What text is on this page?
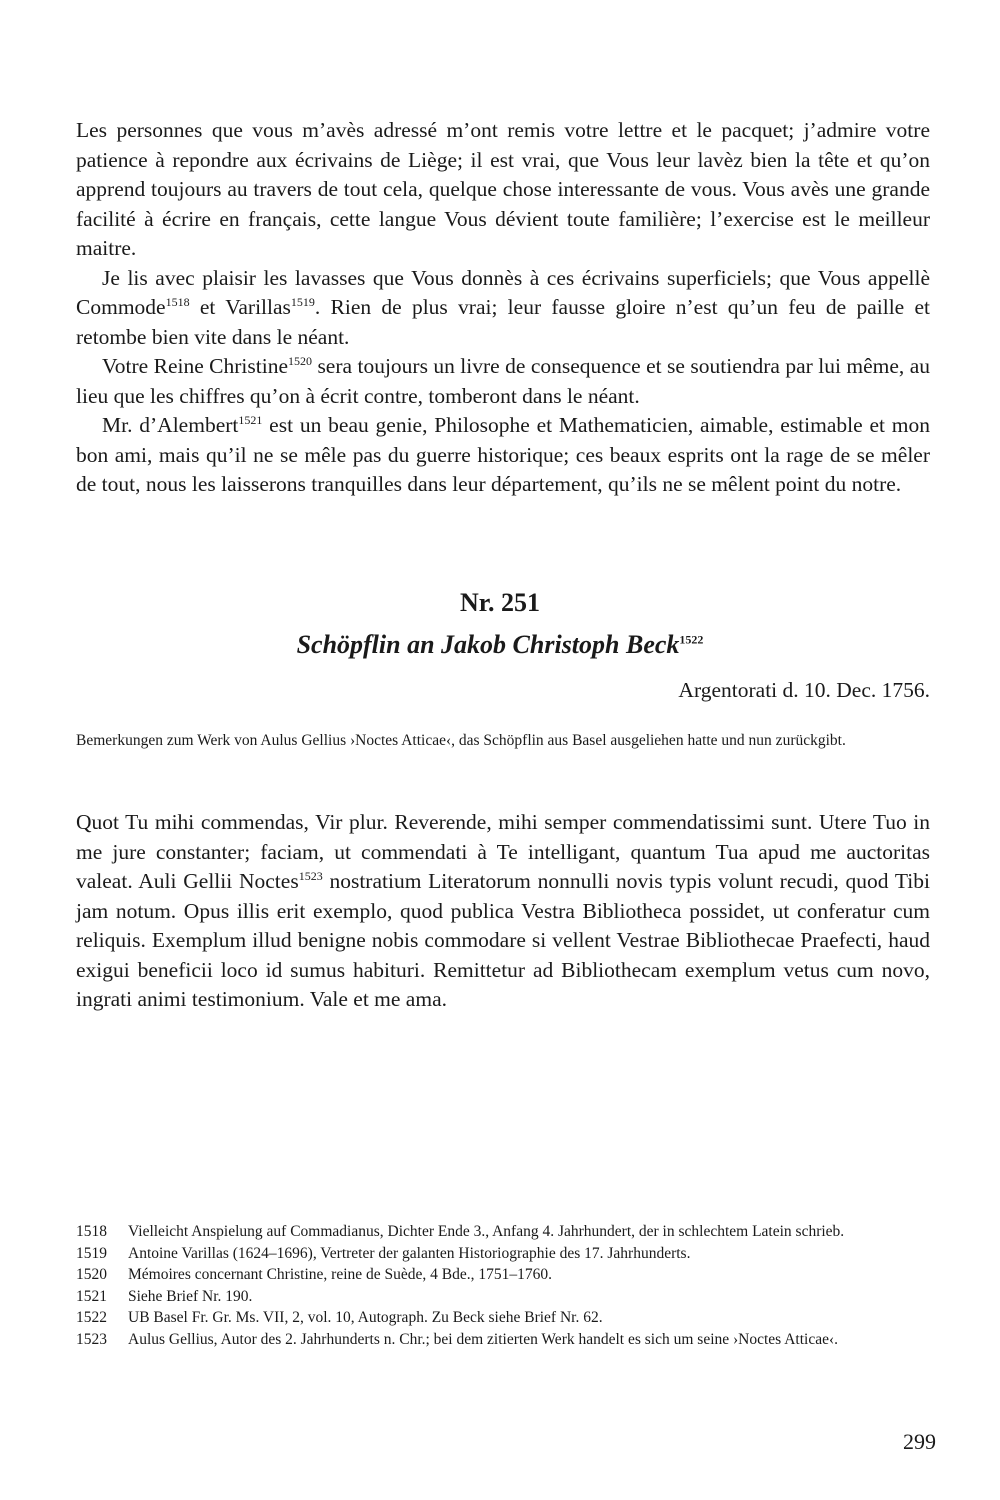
Les personnes que vous m’avès adressé m’ont remis votre lettre et le pacquet; j’admire votre patience à repondre aux écrivains de Liège; il est vrai, que Vous leur lavèz bien la tête et qu’on apprend toujours au travers de tout cela, quelque chose interessante de vous. Vous avès une grande facilité à écrire en français, cette langue Vous dévient toute familière; l’exercise est le meilleur maitre.

Je lis avec plaisir les lavasses que Vous donnès à ces écrivains superficiels; que Vous appellè Commode$^{1518}$ et Varillas$^{1519}$. Rien de plus vrai; leur fausse gloire n’est qu’un feu de paille et retombe bien vite dans le néant.

Votre Reine Christine$^{1520}$ sera toujours un livre de consequence et se soutiendra par lui même, au lieu que les chiffres qu’on à écrit contre, tomberont dans le néant.

Mr. d’Alembert$^{1521}$ est un beau genie, Philosophe et Mathematicien, aimable, estimable et mon bon ami, mais qu’il ne se mêle pas du guerre historique; ces beaux esprits ont la rage de se mêler de tout, nous les laisserons tranquilles dans leur département, qu’ils ne se mêlent point du notre.

Nr. 251
Schöpflin an Jakob Christoph Beck$^{1522}$
Argentorati d. 10. Dec. 1756.

Bemerkungen zum Werk von Aulus Gellius ›Noctes Atticae‹, das Schöpflin aus Basel ausgeliehen hatte und nun zurückgibt.

Quot Tu mihi commendas, Vir plur. Reverende, mihi semper commendatissimi sunt. Utere Tuo in me jure constanter; faciam, ut commendati à Te intelligant, quantum Tua apud me auctoritas valeat. Auli Gellii Noctes$^{1523}$ nostratium Literatorum nonnulli novis typis volunt recudi, quod Tibi jam notum. Opus illis erit exemplo, quod publica Vestra Bibliotheca possidet, ut conferatur cum reliquis. Exemplum illud benigne nobis commodare si vellent Vestrae Bibliothecae Praefecti, haud exigui beneficii loco id sumus habituri. Remittetur ad Bibliothecam exemplum vetus cum novo, ingrati animi testimonium. Vale et me ama.

1518	Vielleicht Anspielung auf Commadianus, Dichter Ende 3., Anfang 4. Jahrhundert, der in schlechtem Latein schrieb.
1519	Antoine Varillas (1624–1696), Vertreter der galanten Historiographie des 17. Jahrhunderts.
1520	Mémoires concernant Christine, reine de Suède, 4 Bde., 1751–1760.
1521	Siehe Brief Nr. 190.
1522	UB Basel Fr. Gr. Ms. VII, 2, vol. 10, Autograph. Zu Beck siehe Brief Nr. 62.
1523	Aulus Gellius, Autor des 2. Jahrhunderts n. Chr.; bei dem zitierten Werk handelt es sich um seine ›Noctes Atticae‹.
299
